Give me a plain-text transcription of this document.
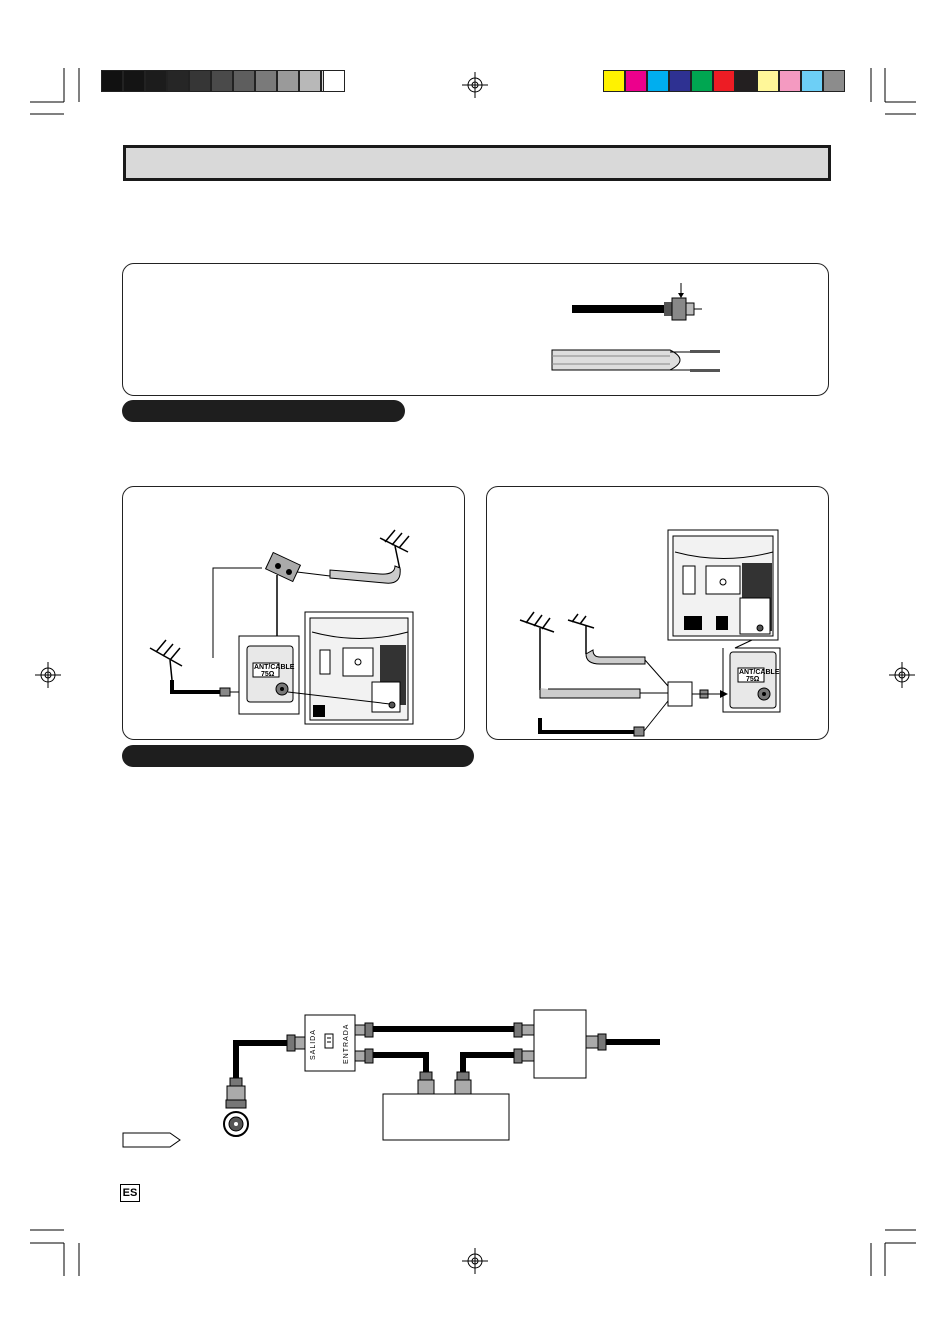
ANT/CABLE
75Ω	ANT/CABLE
75Ω
SALIDA	ENTRADA
ES
